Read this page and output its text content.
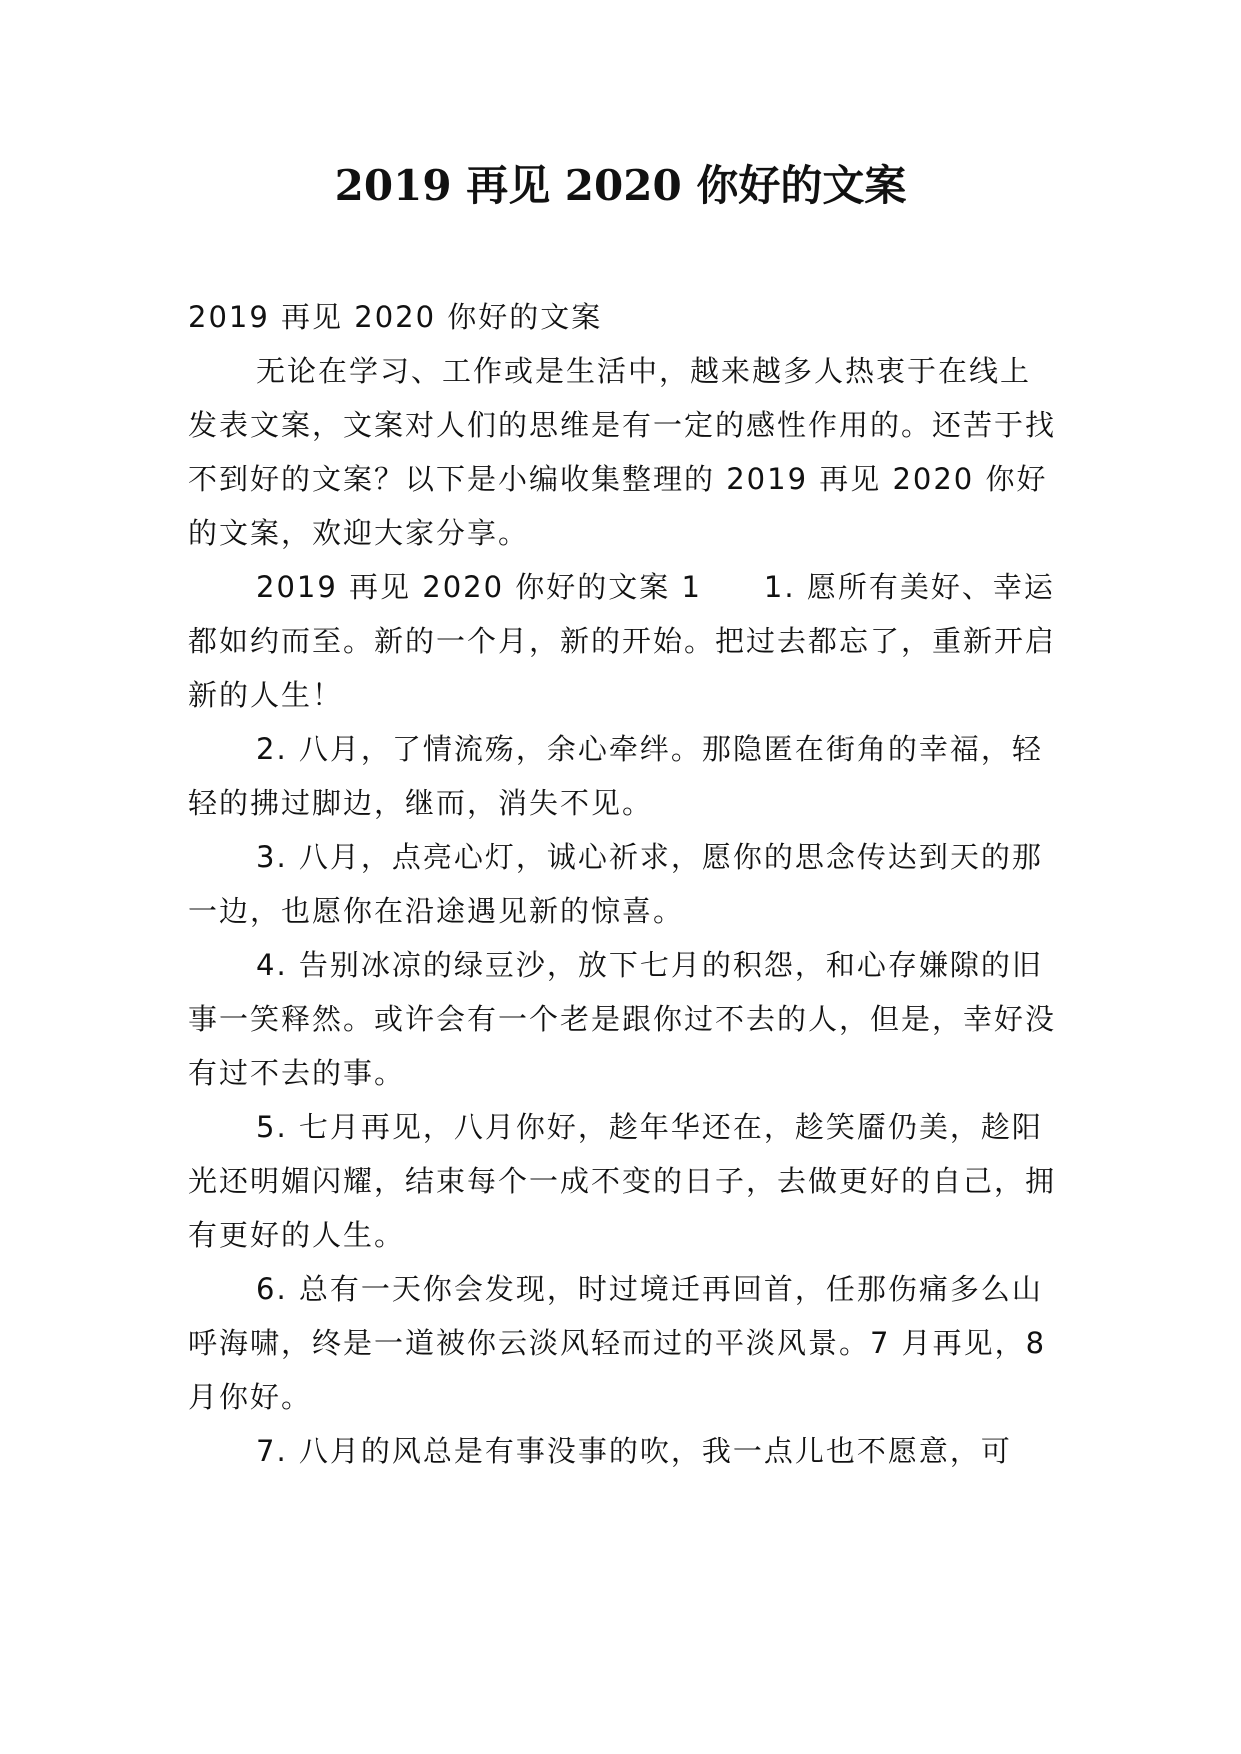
2019 再见 2020 你好的文案

2019 再见 2020 你好的文案

无论在学习、工作或是生活中，越来越多人热衷于在线上发表文案，文案对人们的思维是有一定的感性作用的。还苦于找不到好的文案？以下是小编收集整理的 2019 再见 2020 你好的文案，欢迎大家分享。

2019 再见 2020 你好的文案 1　　1. 愿所有美好、幸运都如约而至。新的一个月，新的开始。把过去都忘了，重新开启新的人生！

2. 八月，了情流殇，余心牵绊。那隐匿在街角的幸福，轻轻的拂过脚边，继而，消失不见。

3. 八月，点亮心灯，诚心祈求，愿你的思念传达到天的那一边，也愿你在沿途遇见新的惊喜。

4. 告别冰凉的绿豆沙，放下七月的积怨，和心存嫌隙的旧事一笑释然。或许会有一个老是跟你过不去的人，但是，幸好没有过不去的事。

5. 七月再见，八月你好，趁年华还在，趁笑靥仍美，趁阳光还明媚闪耀，结束每个一成不变的日子，去做更好的自己，拥有更好的人生。

6. 总有一天你会发现，时过境迁再回首，任那伤痛多么山呼海啸，终是一道被你云淡风轻而过的平淡风景。7 月再见，8 月你好。

7. 八月的风总是有事没事的吹，我一点儿也不愿意，可
